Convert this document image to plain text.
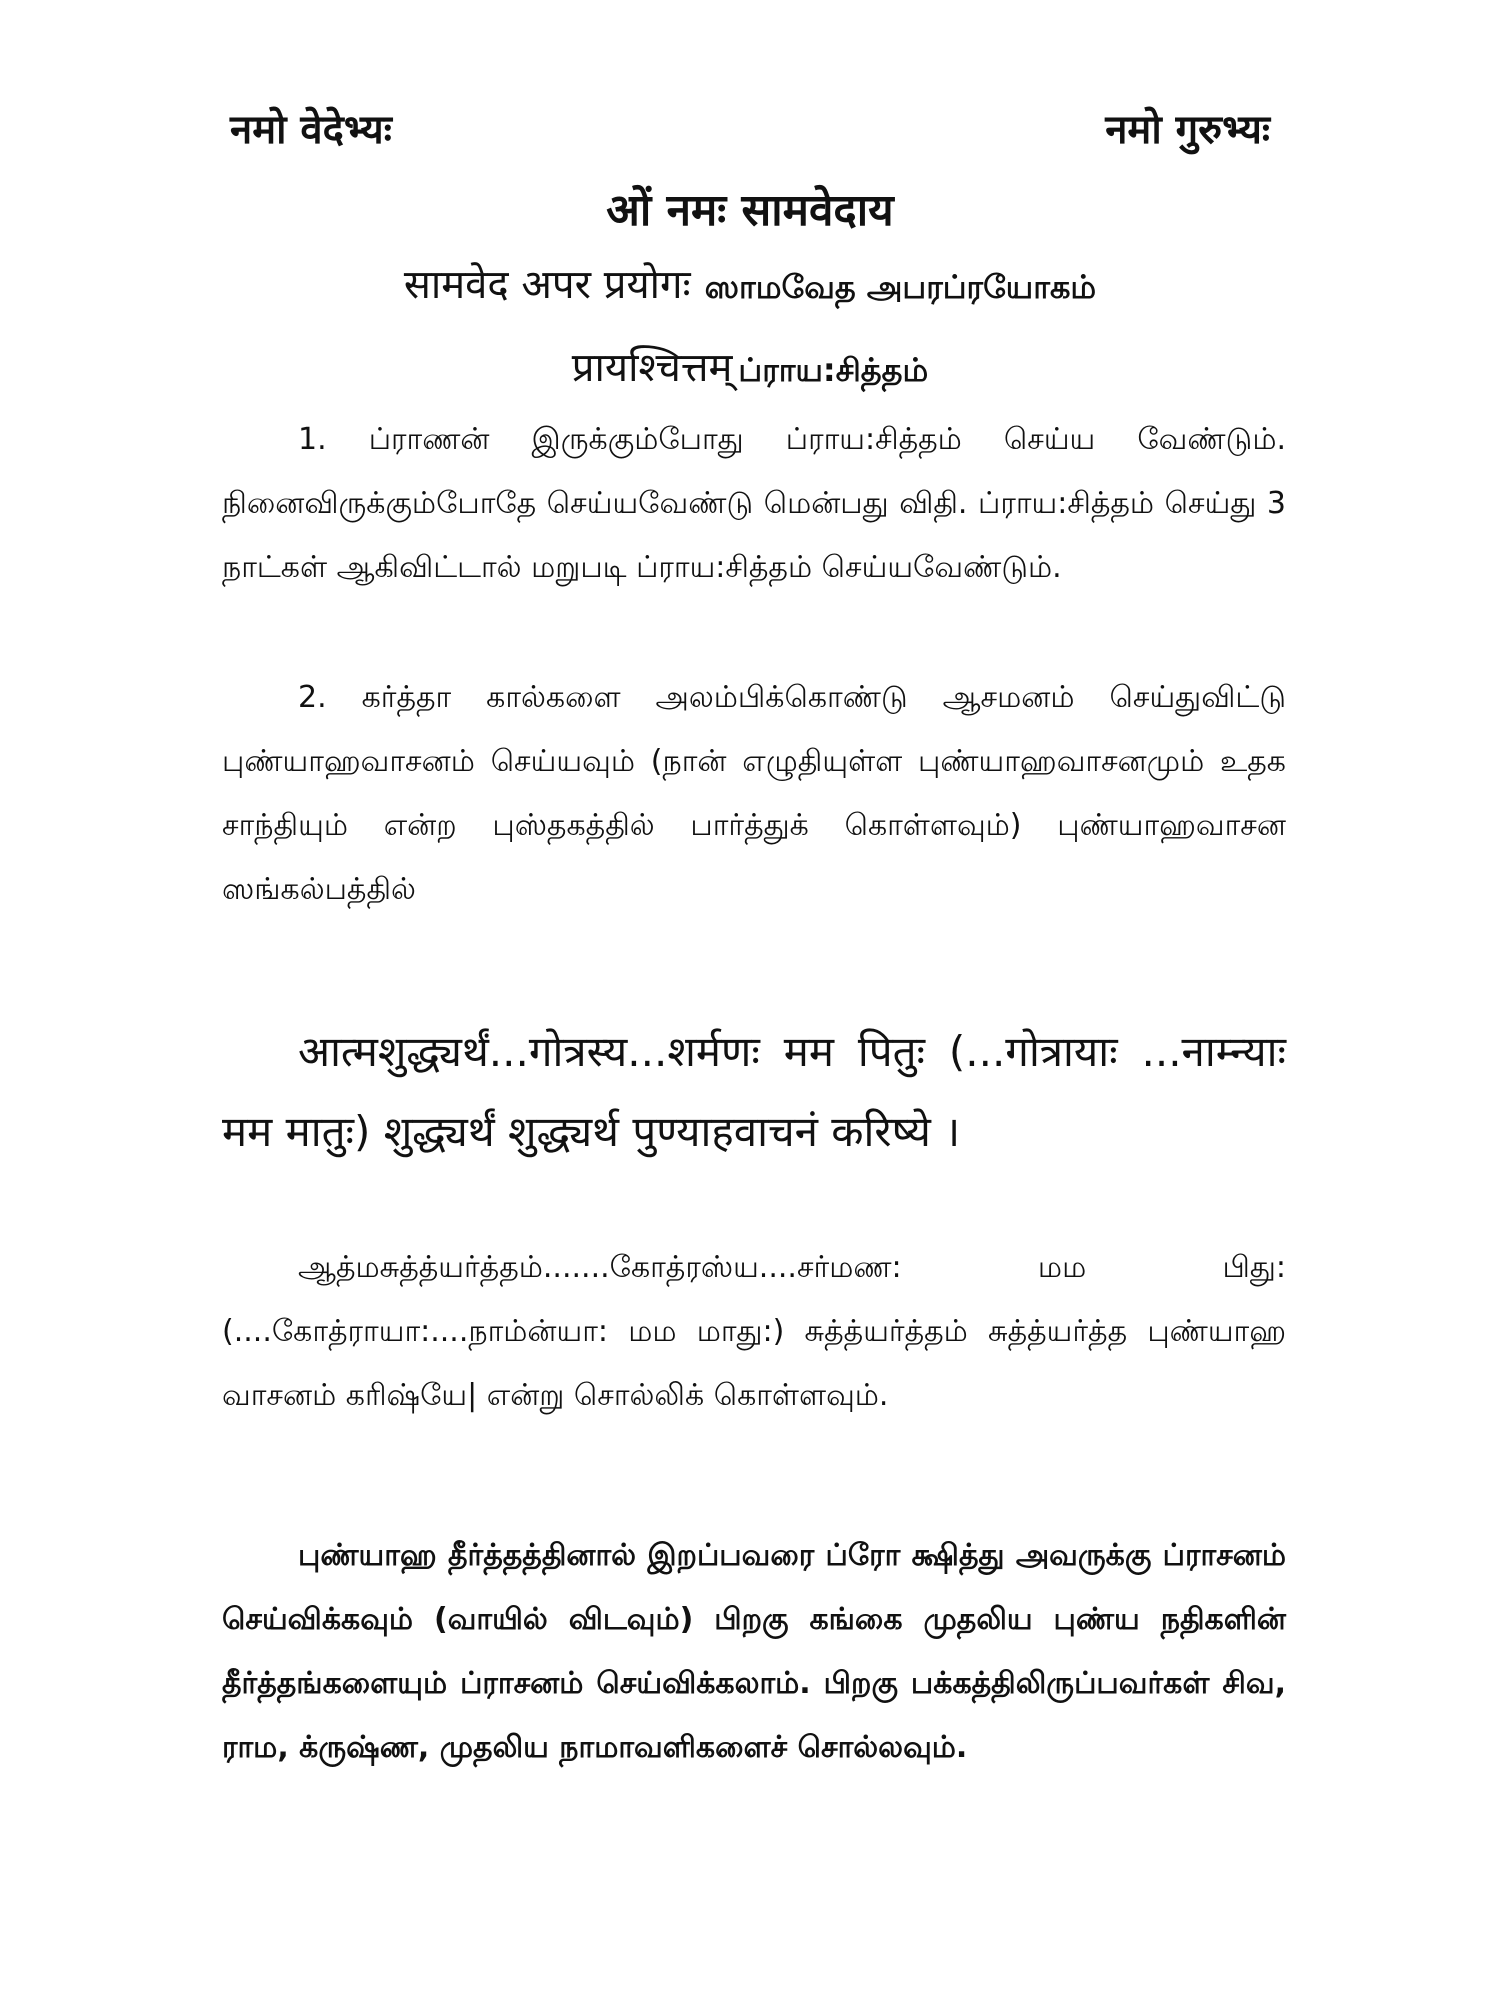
नमो वेदेभ्यः	नमो गुरुभ्यः
ओं नमः सामवेदाय
सामवेद अपर प्रयोगः ஸாமவேத அபரப்ரயோகம்
प्रायश्चित्तम् ப்ராய:சித்தம்

1. ப்ராணன் இருக்கும்போது ப்ராய:சித்தம் செய்ய வேண்டும். நினைவிருக்கும்போதே செய்யவேண்டு மென்பது விதி. ப்ராய:சித்தம் செய்து 3 நாட்கள் ஆகிவிட்டால் மறுபடி ப்ராய:சித்தம் செய்யவேண்டும்.

2. கர்த்தா கால்களை அலம்பிக்கொண்டு ஆசமனம் செய்துவிட்டு புண்யாஹவாசனம் செய்யவும் (நான் எழுதியுள்ள புண்யாஹவாசனமும் உதக சாந்தியும் என்ற புஸ்தகத்தில் பார்த்துக் கொள்ளவும்) புண்யாஹவாசன ஸங்கல்பத்தில்

आत्मशुद्ध्यर्थं...गोत्रस्य...शर्मणः मम पितुः (...गोत्रायाः ...नाम्न्याः मम मातुः) शुद्ध्यर्थं शुद्ध्यर्थ पुण्याहवाचनं करिष्ये ।

ஆத்மசுத்த்யர்த்தம்.......கோத்ரஸ்ய....சர்மண: மம பிது: (....கோத்ராயா:....நாம்ன்யா: மம மாது:) சுத்த்யர்த்தம் சுத்த்யர்த்த புண்யாஹ வாசனம் கரிஷ்யே| என்று சொல்லிக் கொள்ளவும்.

புண்யாஹ தீர்த்தத்தினால் இறப்பவரை ப்ரோ க்ஷித்து அவருக்கு ப்ராசனம் செய்விக்கவும் (வாயில் விடவும்) பிறகு கங்கை முதலிய புண்ய நதிகளின் தீர்த்தங்களையும் ப்ராசனம் செய்விக்கலாம். பிறகு பக்கத்திலிருப்பவர்கள் சிவ, ராம, க்ருஷ்ண, முதலிய நாமாவளிகளைச் சொல்லவும்.
